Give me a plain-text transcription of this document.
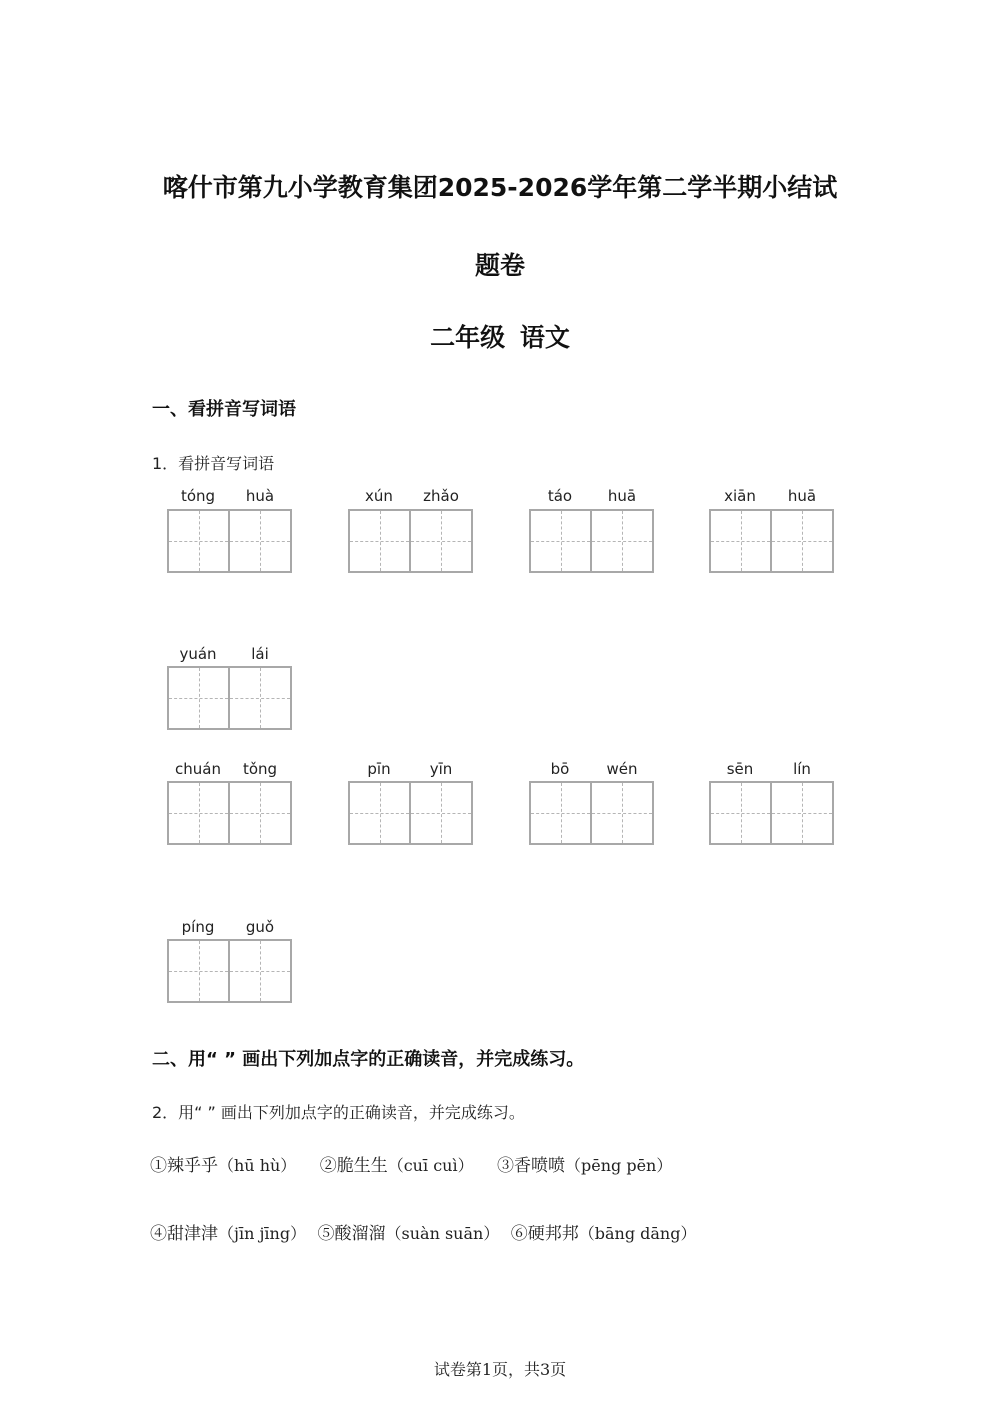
喀什市第九小学教育集团2025-2026学年第二学半期小结试
题卷
二年级 语文
一、看拼音写词语
1．看拼音写词语
tóng	huà	xún	zhǎo	táo	huā	xiān	huā
yuán	lái
chuán	tǒng	pīn	yīn	bō	wén	sēn	lín
píng	guǒ
二、用“ ” 画出下列加点字的正确读音，并完成练习。
2．用“ ” 画出下列加点字的正确读音，并完成练习。
①辣乎乎（hū hù） ②脆生生（cuī cuì） ③香喷喷（pēng pēn）
④甜津津（jīn jīng） ⑤酸溜溜（suàn suān） ⑥硬邦邦（bāng dāng）
试卷第1页，共3页
